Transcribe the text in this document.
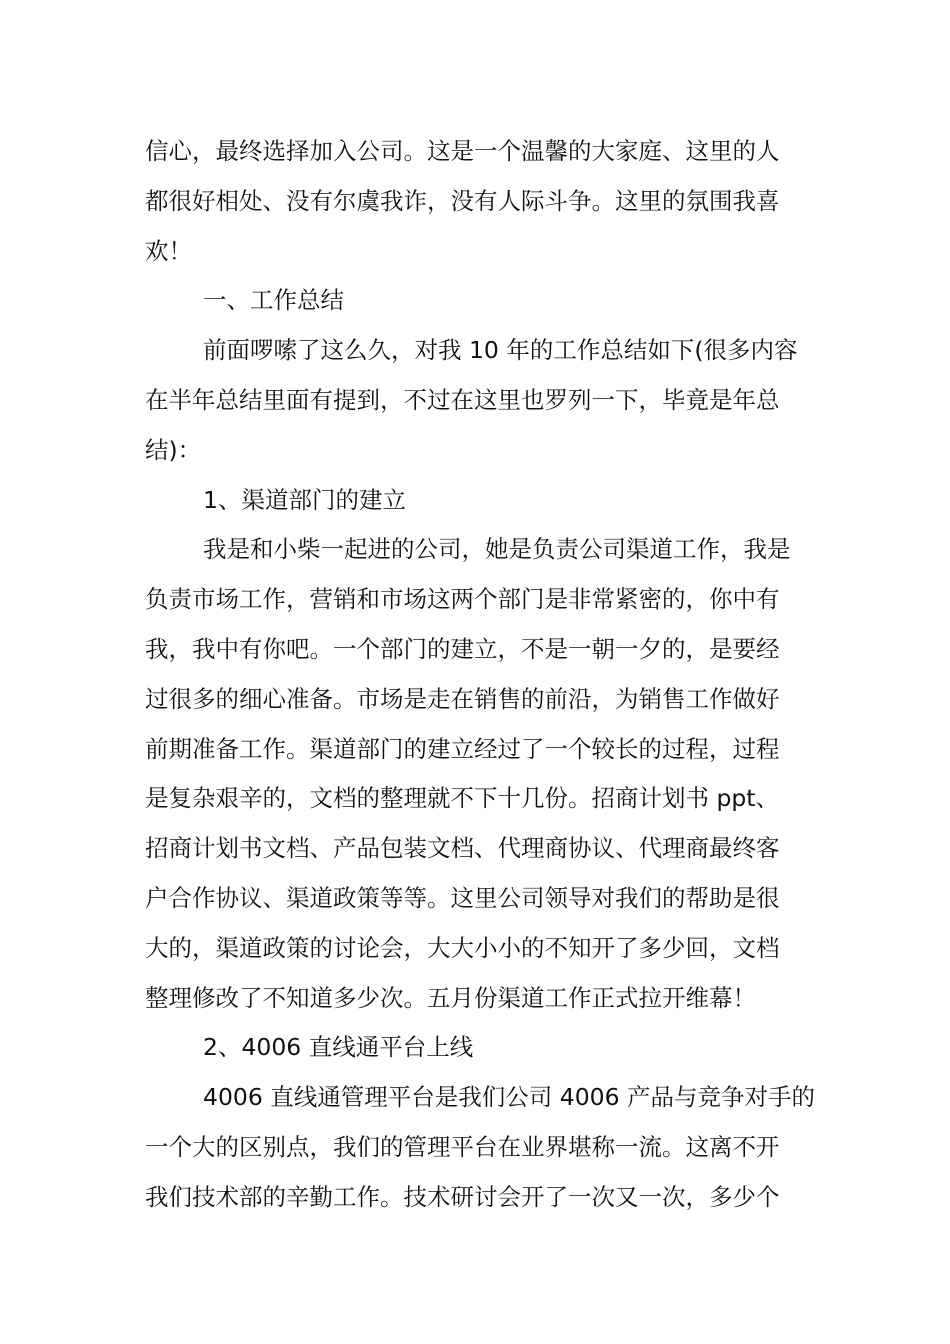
信心，最终选择加入公司。这是一个温馨的大家庭、这里的人
都很好相处、没有尔虞我诈，没有人际斗争。这里的氛围我喜
欢！

一、工作总结

前面啰嗦了这么久，对我 10 年的工作总结如下(很多内容
在半年总结里面有提到，不过在这里也罗列一下，毕竟是年总
结)：

1、渠道部门的建立

我是和小柴一起进的公司，她是负责公司渠道工作，我是
负责市场工作，营销和市场这两个部门是非常紧密的，你中有
我，我中有你吧。一个部门的建立，不是一朝一夕的，是要经
过很多的细心准备。市场是走在销售的前沿，为销售工作做好
前期准备工作。渠道部门的建立经过了一个较长的过程，过程
是复杂艰辛的，文档的整理就不下十几份。招商计划书 ppt、
招商计划书文档、产品包装文档、代理商协议、代理商最终客
户合作协议、渠道政策等等。这里公司领导对我们的帮助是很
大的，渠道政策的讨论会，大大小小的不知开了多少回，文档
整理修改了不知道多少次。五月份渠道工作正式拉开维幕！

2、4006 直线通平台上线

4006 直线通管理平台是我们公司 4006 产品与竞争对手的
一个大的区别点，我们的管理平台在业界堪称一流。这离不开
我们技术部的辛勤工作。技术研讨会开了一次又一次，多少个
